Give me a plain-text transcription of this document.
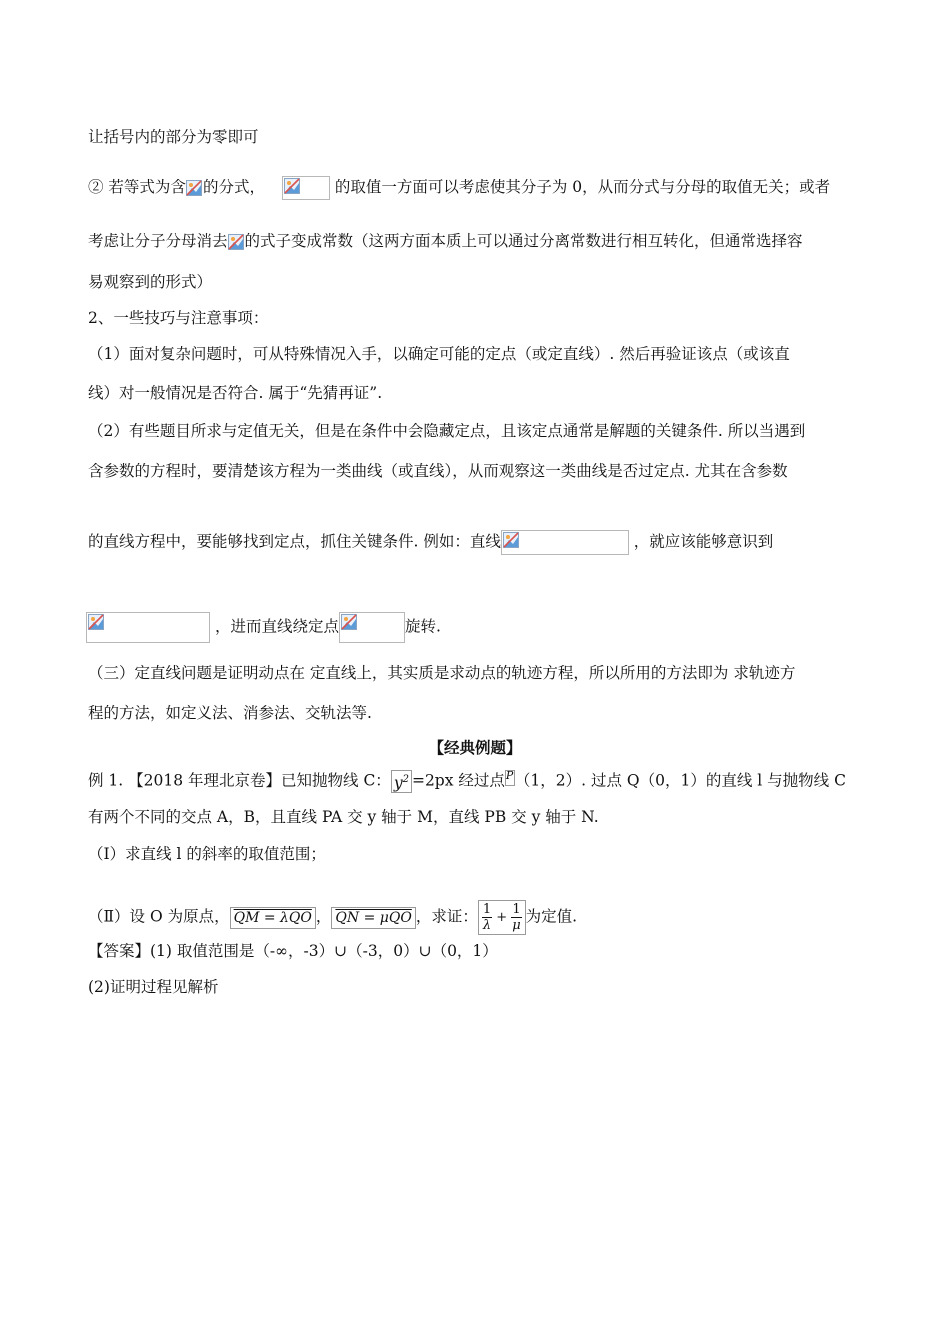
让括号内的部分为零即可
② 若等式为含 的分式，	的取值一方面可以考虑使其分子为 0，从而分式与分母的取值无关；或者
考虑让分子分母消去 的式子变成常数（这两方面本质上可以通过分离常数进行相互转化，但通常选择容
易观察到的形式）
2、一些技巧与注意事项：
（1）面对复杂问题时，可从特殊情况入手，以确定可能的定点（或定直线）. 然后再验证该点（或该直
线）对一般情况是否符合. 属于“先猜再证”.
（2）有些题目所求与定值无关，但是在条件中会隐藏定点，且该定点通常是解题的关键条件. 所以当遇到
含参数的方程时，要清楚该方程为一类曲线（或直线），从而观察这一类曲线是否过定点. 尤其在含参数
的直线方程中，要能够找到定点，抓住关键条件. 例如：直线	，就应该能够意识到
，进而直线绕定点	旋转.
（三）定直线问题是证明动点在 定直线上，其实质是求动点的轨迹方程，所以所用的方法即为 求轨迹方
程的方法，如定义法、消参法、交轨法等.
【经典例题】
例 1. 【2018 年理北京卷】已知抛物线 C： $y^2 =2px$ 经过点P （1，2）. 过点 Q（0，1）的直线 l 与抛物线 C
有两个不同的交点 A，B，且直线 PA 交 y 轴于 M，直线 PB 交 y 轴于 N.
（Ⅰ）求直线 l 的斜率的取值范围；
（Ⅱ）设 O 为原点， QM = λQO ， QN = μQO ，求证： $\frac{1}{\lambda} + \frac{1}{\mu}$ 为定值.
【答案】(1) 取值范围是（-∞，-3）∪（-3，0）∪（0，1）
(2)证明过程见解析
